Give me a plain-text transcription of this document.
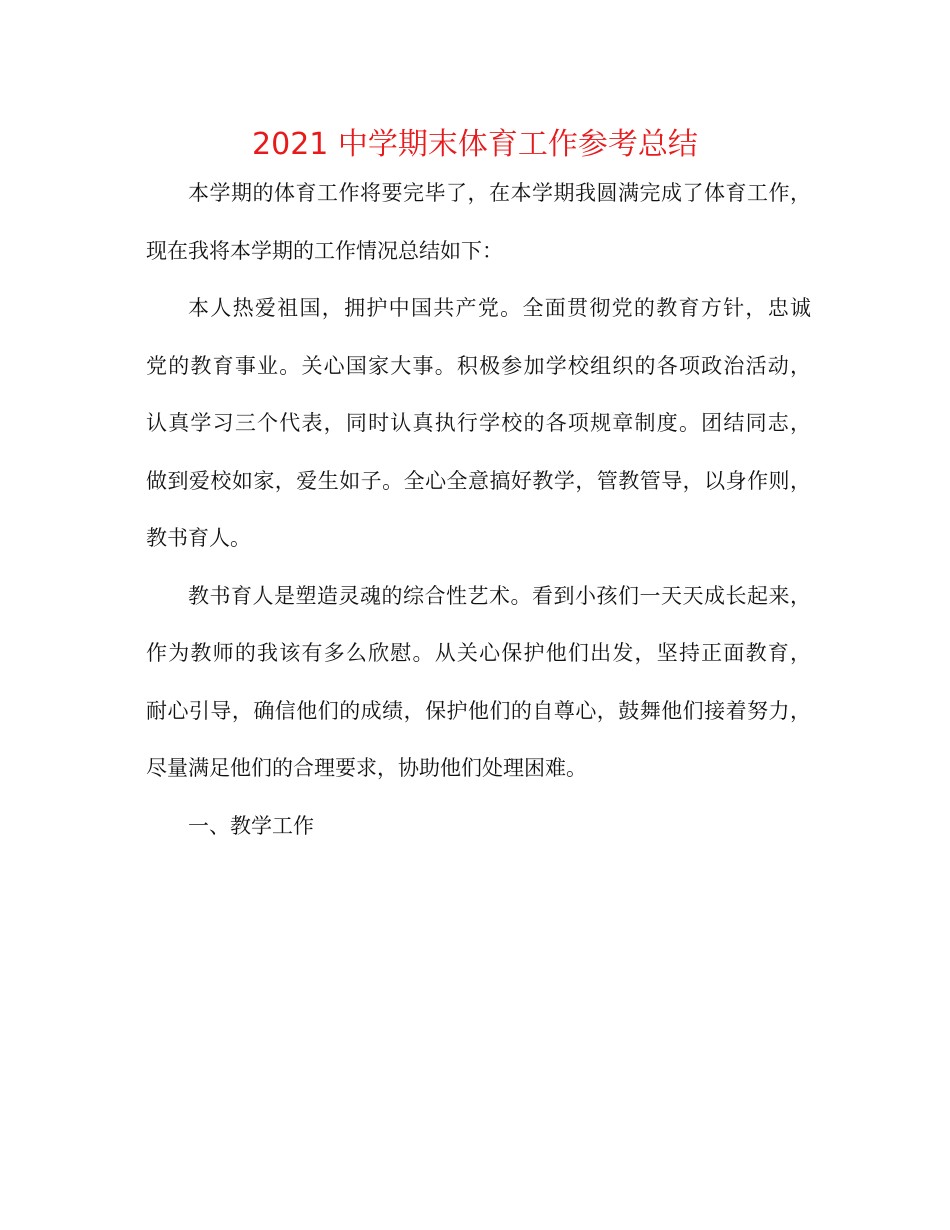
2021 中学期末体育工作参考总结
本学期的体育工作将要完毕了，在本学期我圆满完成了体育工作，
现在我将本学期的工作情况总结如下：
本人热爱祖国，拥护中国共产党。全面贯彻党的教育方针，忠诚
党的教育事业。关心国家大事。积极参加学校组织的各项政治活动，
认真学习三个代表，同时认真执行学校的各项规章制度。团结同志，
做到爱校如家，爱生如子。全心全意搞好教学，管教管导，以身作则，
教书育人。
教书育人是塑造灵魂的综合性艺术。看到小孩们一天天成长起来，
作为教师的我该有多么欣慰。从关心保护他们出发，坚持正面教育，
耐心引导，确信他们的成绩，保护他们的自尊心，鼓舞他们接着努力，
尽量满足他们的合理要求，协助他们处理困难。
一、教学工作
